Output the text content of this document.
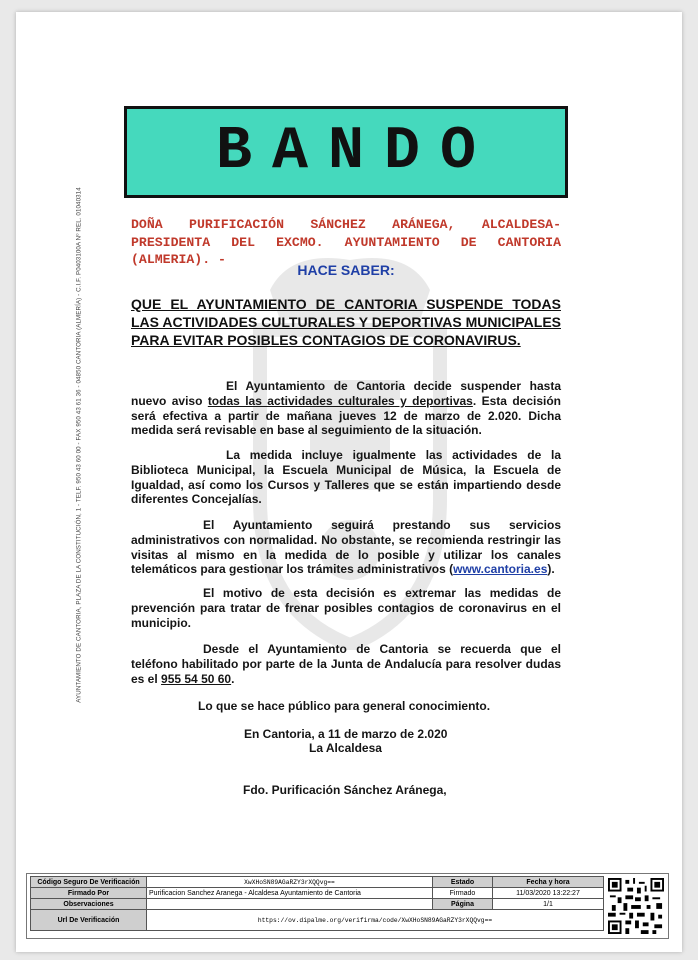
AYUNTAMIENTO DE CANTORIA, PLAZA DE LA CONSTITUCIÓN, 1 - TELF. 950 43 60 00 - FAX 950 43 61 36 - 04850 CANTORIA (ALMERÍA) - C.I.F. P0403100A Nº REL. 01040314
BANDO

DOÑA PURIFICACIÓN SÁNCHEZ ARÁNEGA, ALCALDESA-PRESIDENTA DEL EXCMO. AYUNTAMIENTO DE CANTORIA (ALMERIA). -

HACE SABER:

QUE EL AYUNTAMIENTO DE CANTORIA SUSPENDE TODAS LAS ACTIVIDADES CULTURALES Y DEPORTIVAS MUNICIPALES PARA EVITAR POSIBLES CONTAGIOS DE CORONAVIRUS.

El Ayuntamiento de Cantoria decide suspender hasta nuevo aviso todas las actividades culturales y deportivas. Esta decisión será efectiva a partir de mañana jueves 12 de marzo de 2.020. Dicha medida será revisable en base al seguimiento de la situación.

La medida incluye igualmente las actividades de la Biblioteca Municipal, la Escuela Municipal de Música, la Escuela de Igualdad, así como los Cursos y Talleres que se están impartiendo desde diferentes Concejalías.

El Ayuntamiento seguirá prestando sus servicios administrativos con normalidad. No obstante, se recomienda restringir las visitas al mismo en la medida de lo posible y utilizar los canales telemáticos para gestionar los trámites administrativos (www.cantoria.es).

El motivo de esta decisión es extremar las medidas de prevención para tratar de frenar posibles contagios de coronavirus en el municipio.

Desde el Ayuntamiento de Cantoria se recuerda que el teléfono habilitado por parte de la Junta de Andalucía para resolver dudas es el 955 54 50 60.

Lo que se hace público para general conocimiento.

En Cantoria, a 11 de marzo de 2.020

La Alcaldesa

Fdo. Purificación Sánchez Aránega,

Código Seguro De Verificación	XwXHoSN89AGaRZY3rXQQvg==	Estado	Fecha y hora
Firmado Por	Purificacion Sanchez Aranega - Alcaldesa Ayuntamiento de Cantoria	Firmado	11/03/2020 13:22:27
Observaciones		Página	1/1
Url De Verificación	https://ov.dipalme.org/verifirma/code/XwXHoSN89AGaRZY3rXQQvg==		
